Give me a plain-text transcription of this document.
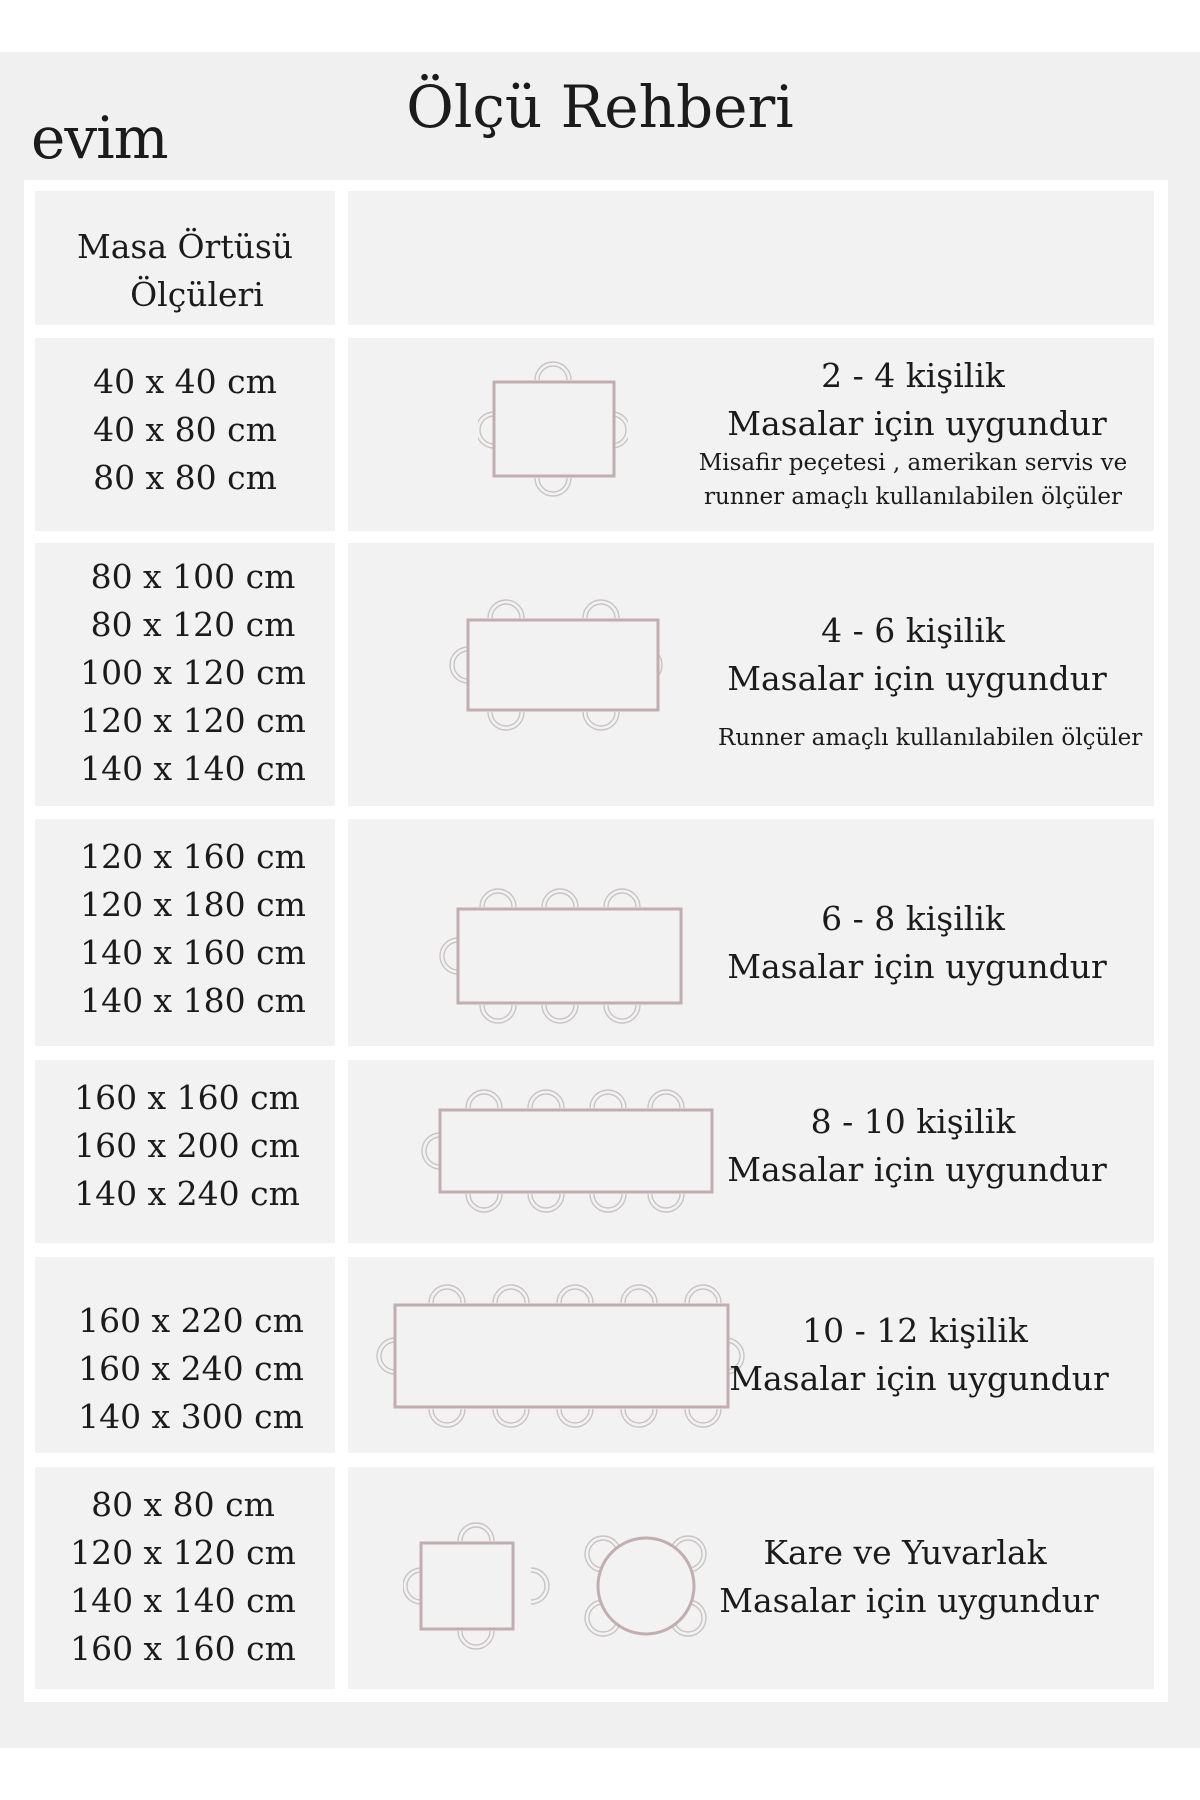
evim	Ölçü Rehberi
Masa Örtüsü
Ölçüleri
40 x 40 cm
40 x 80 cm
80 x 80 cm
2 - 4 kişilik
Masalar için uygundur
Misafir peçetesi , amerikan servis ve
runner amaçlı kullanılabilen ölçüler
80 x 100 cm
80 x 120 cm
100 x 120 cm
120 x 120 cm
140 x 140 cm
4 - 6 kişilik
Masalar için uygundur
Runner amaçlı kullanılabilen ölçüler
120 x 160 cm
120 x 180 cm
140 x 160 cm
140 x 180 cm
6 - 8 kişilik
Masalar için uygundur
160 x 160 cm
160 x 200 cm
140 x 240 cm
8 - 10 kişilik
Masalar için uygundur
160 x 220 cm
160 x 240 cm
140 x 300 cm
10 - 12 kişilik
Masalar için uygundur
80 x 80 cm
120 x 120 cm
140 x 140 cm
160 x 160 cm
Kare ve Yuvarlak
Masalar için uygundur
